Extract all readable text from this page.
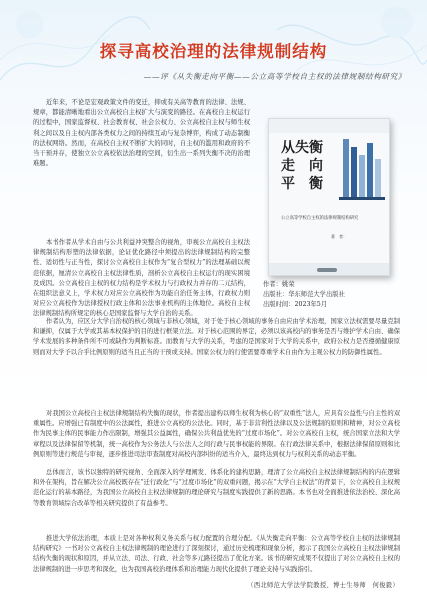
探寻高校治理的法律规制结构
——评《从失衡走向平衡——公立高等学校自主权的法律规制结构研究》

近年来，不论是宏观政策文件的变迁，抑或有关高等教育的法律、法规、规章，都能清晰地看出公立高校自主权扩大与演变的路径。在高校自主权运行的过程中，国家监督权、社会教育权、社会公权力、公立高校自主权与师生权利之间以及自主权内部各类权力之间的持续互动与复杂博弈，构成了动态制衡的法权网络。然而，在高校自主权不断扩大的同时，自主权的滥用和政府的不当干预并存，使独立公立高校依法治理的空间，衍生出一系列失衡不决的治理难题。

本书作者从学术自由与公共利益冲突整合的视角，审视公立高校自主权法律规制结构形塑的法律依据，论证优化路径中须提出的法律规制结构的完整性、适切性与正当性，探讨公立高校自主权作为“复合型权力”的法理基础以规范依据，厘清公立高校自主权法律性质，剖析公立高校自主权运行的现实困境及成因。公立高校自主权的权力结构是学术权力与行政权力并存的二元结构，在组织法意义上，学术权力对应公立高校作为功能自治任务主体，行政权力则对应公立高校作为法律授权行政主体和公法事业机构的主体地位。高校自主权法律规制结构所规定的核心是国家监督与大学自治的关系。

从失衡
走　向
平　衡
公立高等学校自主权的法律规制结构研究
著　者：
作者：姚荣
出版社：华东师范大学出版社
出版时间：2023年5月

作者认为，应区分大学自治权的核心领域与非核心领域，对于处于核心领域的事务自由应由学术治理，国家立法权需要尽量克制和谦抑，仅属于大学或其基本权保护的目的进行框架立法。对于核心范围的界定，必须以该高校内的事务是否与维护学术自由、确保学术发展的多种条件所不可或缺作为判断标准。而教育与大学的关系，考虑的是国家对于大学的关系中，政府公权力是否遵循健康原则而对大学予以合乎比例原则的适当且正当的干预或支持。国家公权力的行使需要尊重学术自由作为主观公权力的防御性属性。

对我国公立高校自主权法律规制结构失衡的现状，作者提出建构以师生权利为核心的“双重性”法人，应具有公益性与自主性的双重属性。应增强已有制度中的公法属性，推进公立高校的公法化。同时，基于非营利性法律以及公法规制的原则和精神，对公立高校作为民事主体的民事能力作出限制，增强其公益属性，确保公共利益优先的“过度市场化”。对公立高校自主权，统合国家立法和大学章程以及法律保留等机制，统一高校作为公务法人与公法人之间行政与民事权能的界限。在行政法律关系中，根据法律保留原则和比例原则等进行规范与审视，逐步推进司法审查制度对高校内部纠纷的适当介入，最终达到权力与权利关系的动态平衡。

总体而言，该书以独特的研究视角、全面深入的学理阐发、体系化的建构思路，理清了公立高校自主权法律规制结构的内在逻辑和外在架构，旨在解决公立高校既存在“迁行政化”与“过度市场化”的双重问题，揭示在“大学自主权法”的背景下，公立高校自主权规范化运行的基本路径，为我国公立高校自主权法律规制的理论研究与制度实践提供了新的思路。本书也对全面推进依法治校、深化高等教育领域综合改革等相关研究提供了有益参考。

推进大学依法治理，本质上是对各种权利义务关系与权力配置的合理分配。《从失衡走向平衡：公立高等学校自主权的法律规制结构研究》一书对公立高校自主权法律规制的理论进行了深刻探讨，通过历史梳理和现象分析，揭示了我国公立高校自主权法律规制结构失衡的现状和原因，并从立法、司法、行政、社会等多元路径提出了优化方案。该书的研究成果不仅提出了对公立高校自主权的法律规制的进一步思考和深化，也为我国高校治理体系和治理能力现代化提供了理论支持与实践指引。

（西北师范大学法学院教授、博士生导师　何俊毅）
